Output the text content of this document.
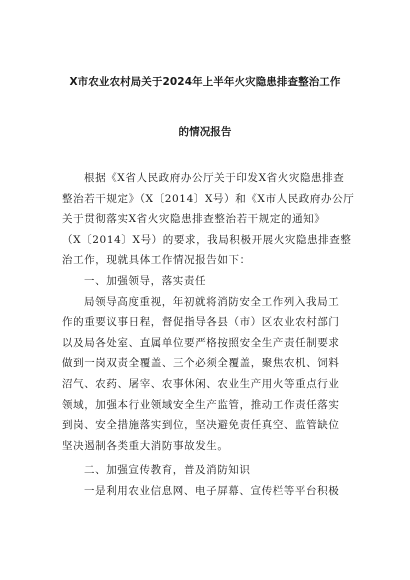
X市农业农村局关于2024年上半年火灾隐患排查整治工作
的情况报告
根据《X省人民政府办公厅关于印发X省火灾隐患排查
整治若干规定》（X〔2014〕X号）和《X市人民政府办公厅
关于贯彻落实X省火灾隐患排查整治若干规定的通知》
（X〔2014〕X号）的要求，我局积极开展火灾隐患排查整
治工作，现就具体工作情况报告如下：
一、加强领导，落实责任
局领导高度重视，年初就将消防安全工作列入我局工
作的重要议事日程，督促指导各县（市）区农业农村部门
以及局各处室、直属单位要严格按照安全生产责任制要求
做到一岗双责全覆盖、三个必须全覆盖，聚焦农机、饲料
沼气、农药、屠宰、农事休闲、农业生产用火等重点行业
领域，加强本行业领域安全生产监管，推动工作责任落实
到岗、安全措施落实到位，坚决避免责任真空、监管缺位
坚决遏制各类重大消防事故发生。
二、加强宣传教育，普及消防知识
一是利用农业信息网、电子屏幕、宣传栏等平台积极
